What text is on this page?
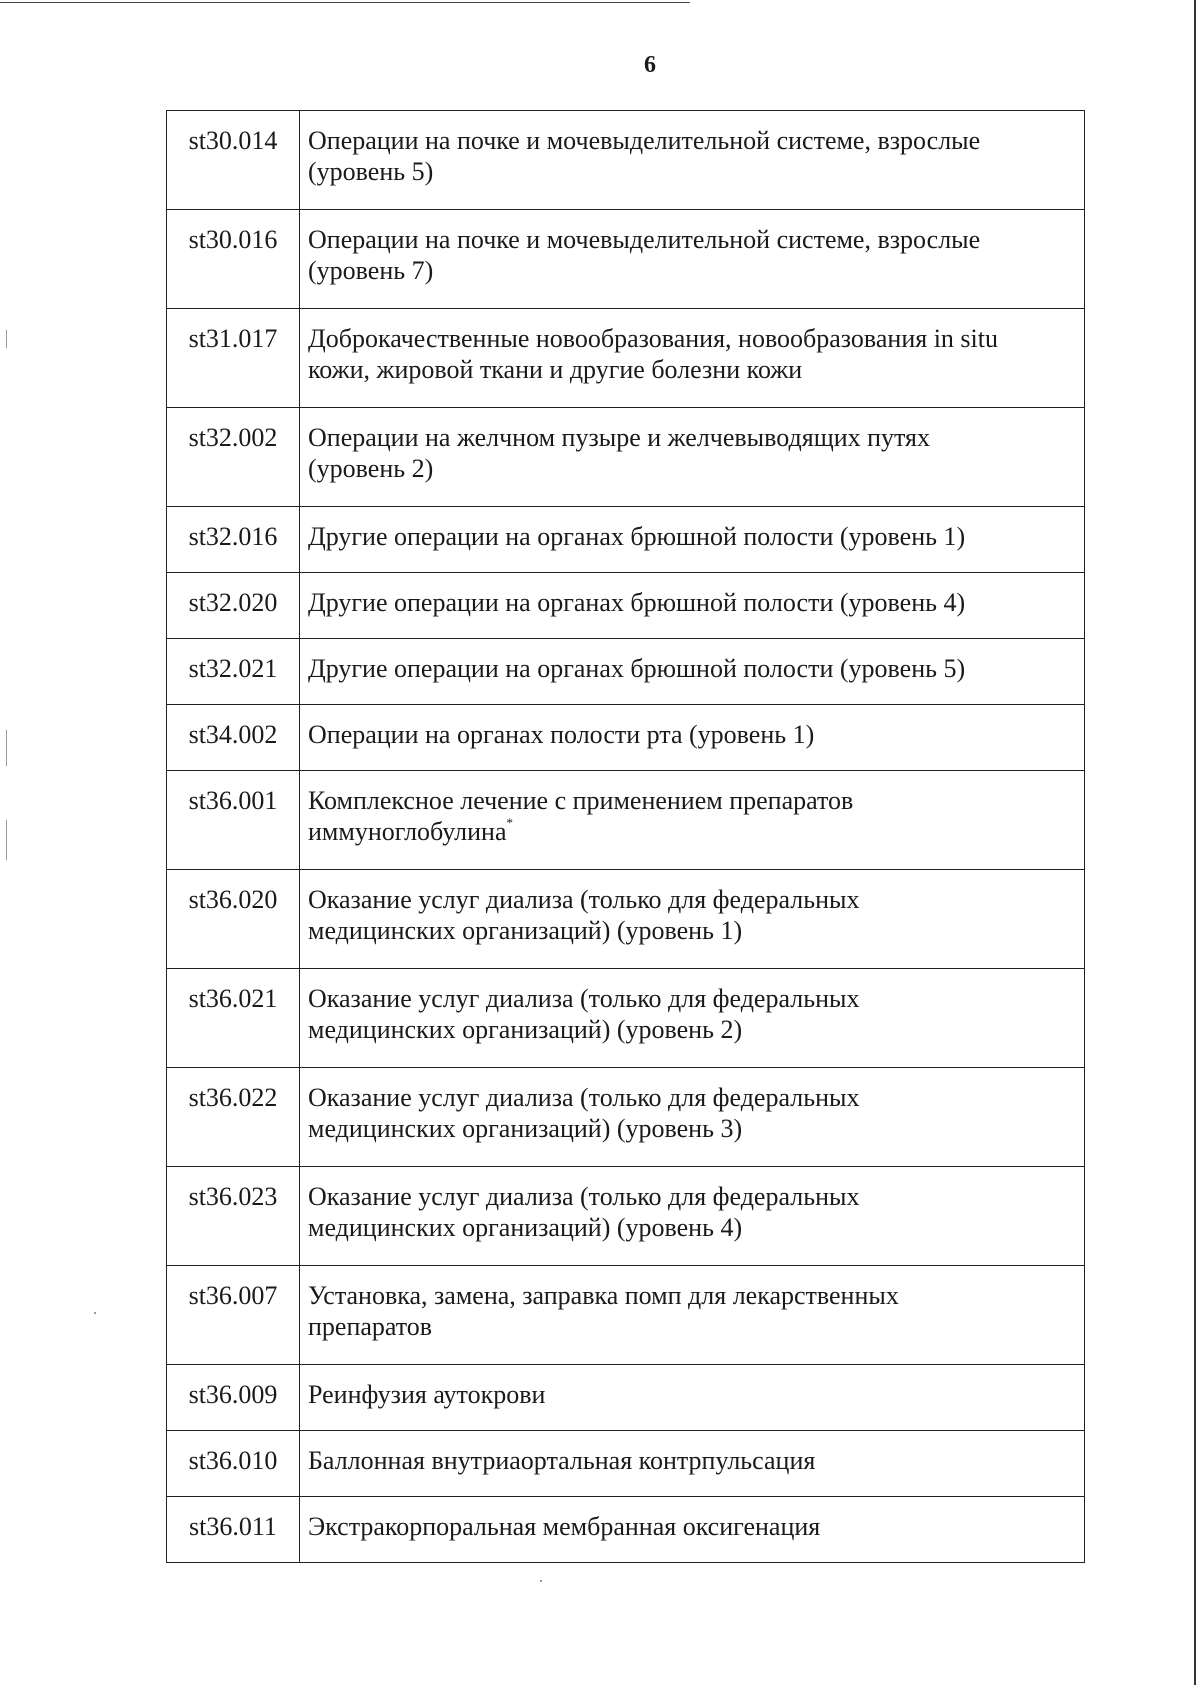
6
st30.014	Операции на почке и мочевыделительной системе, взрослые
(уровень 5)

st30.016	Операции на почке и мочевыделительной системе, взрослые
(уровень 7)

st31.017	Доброкачественные новообразования, новообразования in situ
кожи, жировой ткани и другие болезни кожи

st32.002	Операции на желчном пузыре и желчевыводящих путях
(уровень 2)

st32.016	Другие операции на органах брюшной полости (уровень 1)

st32.020	Другие операции на органах брюшной полости (уровень 4)

st32.021	Другие операции на органах брюшной полости (уровень 5)

st34.002	Операции на органах полости рта (уровень 1)

st36.001	Комплексное лечение с применением препаратов
иммуноглобулина*

st36.020	Оказание услуг диализа (только для федеральных
медицинских организаций) (уровень 1)

st36.021	Оказание услуг диализа (только для федеральных
медицинских организаций) (уровень 2)

st36.022	Оказание услуг диализа (только для федеральных
медицинских организаций) (уровень 3)

st36.023	Оказание услуг диализа (только для федеральных
медицинских организаций) (уровень 4)

st36.007	Установка, замена, заправка помп для лекарственных
препаратов

st36.009	Реинфузия аутокрови

st36.010	Баллонная внутриаортальная контрпульсация

st36.011	Экстракорпоральная мембранная оксигенация
